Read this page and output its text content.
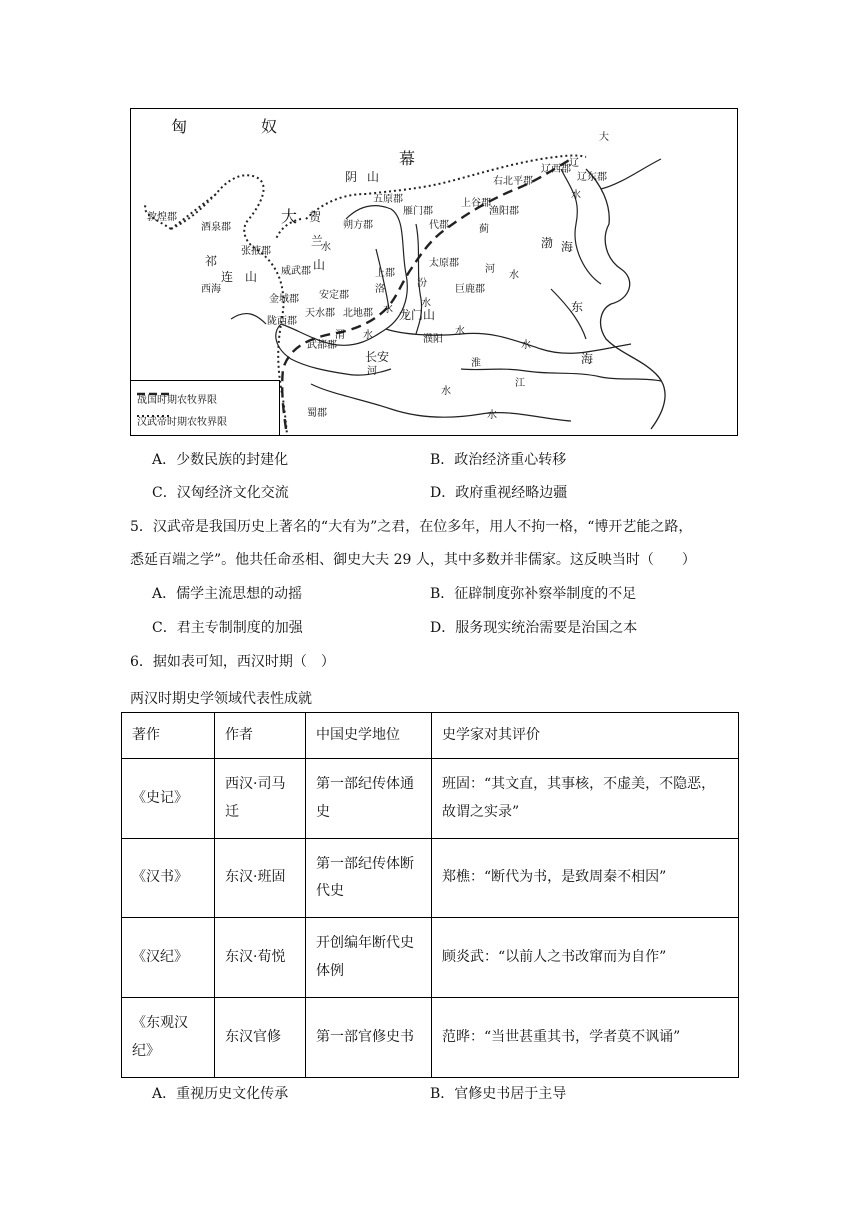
匈	奴
幕
大
阴 山
贺
兰
山
祁
连 山
西海
敦煌郡
酒泉郡
张掖郡
威武郡
金城郡
陇西郡
天水郡
安定郡
北地郡
朔方郡
五原郡
雁门郡
代郡
上谷郡
渔阳郡
右北平郡
辽西郡
辽东郡
蓟
上郡
太原郡
巨鹿郡
龙门山
濮阳
长安
武都郡
蜀郡
渤 海
东
海
大
辽
水
河
洛
水
汾
水
渭 水
河
水
淮
水
江
水
水
水
水
战国时期农牧界限
汉武帝时期农牧界限
A．少数民族的封建化	B．政治经济重心转移
C．汉匈经济文化交流	D．政府重视经略边疆
5．汉武帝是我国历史上著名的“大有为”之君，在位多年，用人不拘一格，“博开艺能之路，
悉延百端之学”。他共任命丞相、御史大夫 29 人，其中多数并非儒家。这反映当时（　　）
A．儒学主流思想的动摇	B．征辟制度弥补察举制度的不足
C．君主专制制度的加强	D．服务现实统治需要是治国之本
6．据如表可知，西汉时期（　）
两汉时期史学领域代表性成就
著作	作者	中国史学地位	史学家对其评价
《史记》	西汉·司马迁	第一部纪传体通史	班固：“其文直，其事核，不虚美，不隐恶，故谓之实录”
《汉书》	东汉·班固	第一部纪传体断代史	郑樵：“断代为书，是致周秦不相因”
《汉纪》	东汉·荀悦	开创编年断代史体例	顾炎武：“以前人之书改窜而为自作”
《东观汉纪》	东汉官修	第一部官修史书	范晔：“当世甚重其书，学者莫不讽诵”
A．重视历史文化传承	B．官修史书居于主导
